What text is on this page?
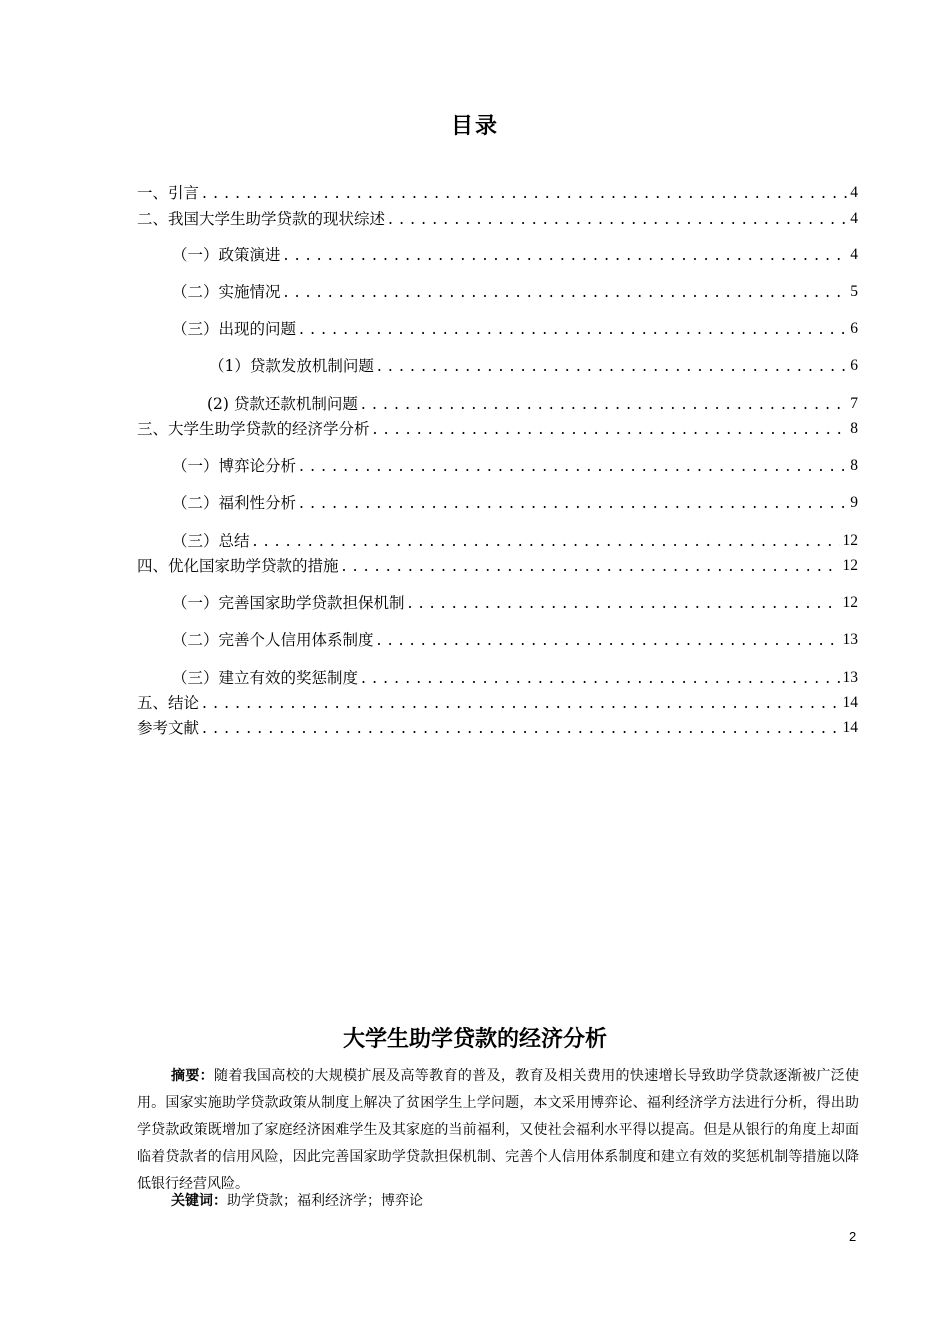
目录
一、引言 . . .	4
二、我国大学生助学贷款的现状综述 . . .	4
（一）政策演进 . . .	4
（二）实施情况 . . .	5
（三）出现的问题 . . .	6
（1）贷款发放机制问题 . . .	6
(2) 贷款还款机制问题 . . .	7
三、大学生助学贷款的经济学分析 . . .	8
（一）博弈论分析 . . .	8
（二）福利性分析 . . .	9
（三）总结 . . .	12
四、优化国家助学贷款的措施 . . .	12
（一）完善国家助学贷款担保机制 . . .	12
（二）完善个人信用体系制度 . . .	13
（三）建立有效的奖惩制度 . . .	13
五、结论 . . .	14
参考文献 . . .	14
大学生助学贷款的经济分析
摘要：随着我国高校的大规模扩展及高等教育的普及，教育及相关费用的快速增长导致助学贷款逐渐被广泛使用。国家实施助学贷款政策从制度上解决了贫困学生上学问题，本文采用博弈论、福利经济学方法进行分析，得出助学贷款政策既增加了家庭经济困难学生及其家庭的当前福利，又使社会福利水平得以提高。但是从银行的角度上却面临着贷款者的信用风险，因此完善国家助学贷款担保机制、完善个人信用体系制度和建立有效的奖惩机制等措施以降低银行经营风险。
关键词：助学贷款；福利经济学；博弈论
2
